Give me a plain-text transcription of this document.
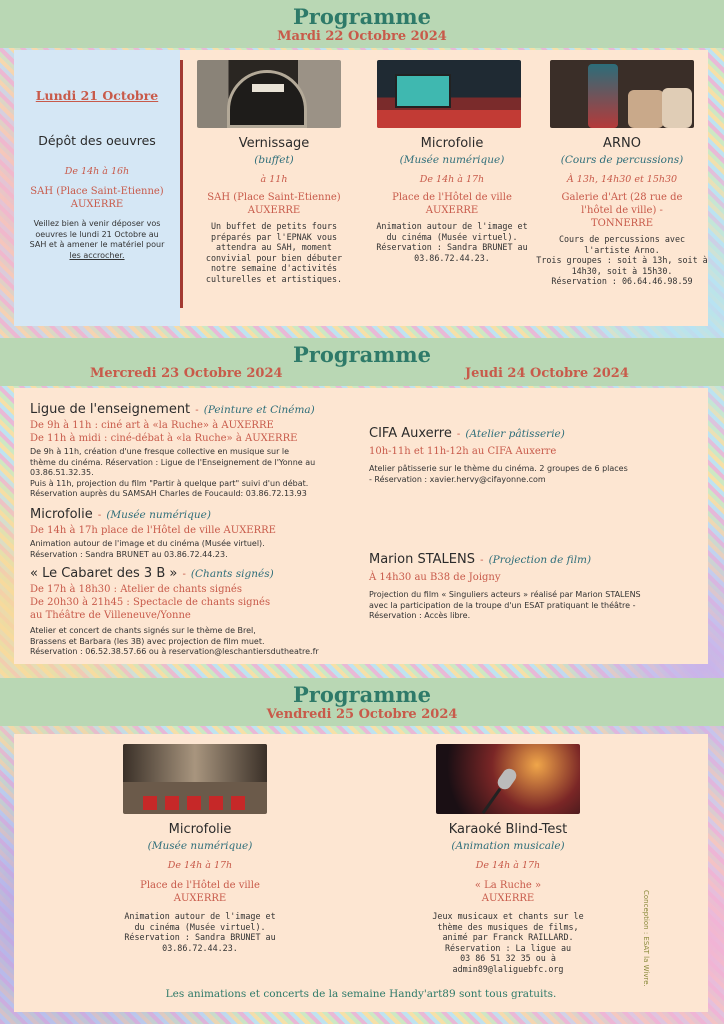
Programme
Mardi 22 Octobre 2024
Lundi 21 Octobre
Dépôt des oeuvres
De 14h à 16h
SAH (Place Saint-Etienne)
AUXERRE
Veillez bien à venir déposer vos
oeuvres le lundi 21 Octobre au
SAH et à amener le matériel pour
les accrocher.
Vernissage
(buffet)
à 11h
SAH (Place Saint-Etienne)
AUXERRE
Un buffet de petits fours
préparés par l'EPNAK vous
attendra au SAH, moment
convivial pour bien débuter
notre semaine d'activités
culturelles et artistiques.
Microfolie
(Musée numérique)
De 14h à 17h
Place de l'Hôtel de ville
AUXERRE
Animation autour de l'image et
du cinéma (Musée virtuel).
Réservation : Sandra BRUNET au
03.86.72.44.23.
ARNO
(Cours de percussions)
À 13h, 14h30 et 15h30
Galerie d'Art (28 rue de
l'hôtel de ville) -
TONNERRE
Cours de percussions avec
l'artiste Arno.
Trois groupes : soit à 13h, soit à
14h30, soit à 15h30.
Réservation : 06.64.46.98.59
Programme
Mercredi 23 Octobre 2024	Jeudi 24 Octobre 2024
Ligue de l'enseignement - (Peinture et Cinéma)
De 9h à 11h : ciné art à «la Ruche» à AUXERRE
De 11h à midi : ciné-débat à «la Ruche» à AUXERRE
De 9h à 11h, création d'une fresque collective en musique sur le
thème du cinéma. Réservation : Ligue de l'Enseignement de l'Yonne au
03.86.51.32.35.
Puis à 11h, projection du film "Partir à quelque part" suivi d'un débat.
Réservation auprès du SAMSAH Charles de Foucauld: 03.86.72.13.93
Microfolie - (Musée numérique)
De 14h à 17h place de l'Hôtel de ville AUXERRE
Animation autour de l'image et du cinéma (Musée virtuel).
Réservation : Sandra BRUNET au 03.86.72.44.23.
« Le Cabaret des 3 B » - (Chants signés)
De 17h à 18h30 : Atelier de chants signés
De 20h30 à 21h45 : Spectacle de chants signés
au Théâtre de Villeneuve/Yonne
Atelier et concert de chants signés sur le thème de Brel,
Brassens et Barbara (les 3B) avec projection de film muet.
Réservation : 06.52.38.57.66 ou à reservation@leschantiersdutheatre.fr
CIFA Auxerre - (Atelier pâtisserie)
10h-11h et 11h-12h au CIFA Auxerre
Atelier pâtisserie sur le thème du cinéma. 2 groupes de 6 places
- Réservation : xavier.hervy@cifayonne.com
Marion STALENS - (Projection de film)
À 14h30 au B38 de Joigny
Projection du film « Singuliers acteurs » réalisé par Marion STALENS
avec la participation de la troupe d'un ESAT pratiquant le théâtre -
Réservation : Accès libre.
Programme
Vendredi 25 Octobre 2024
Microfolie
(Musée numérique)
De 14h à 17h
Place de l'Hôtel de ville
AUXERRE
Animation autour de l'image et
du cinéma (Musée virtuel).
Réservation : Sandra BRUNET au
03.86.72.44.23.
Karaoké Blind-Test
(Animation musicale)
De 14h à 17h
« La Ruche »
AUXERRE
Jeux musicaux et chants sur le
thème des musiques de films,
animé par Franck RAILLARD.
Réservation : La ligue au
03 86 51 32 35 ou à
admin89@laliguebfc.org
Les animations et concerts de la semaine Handy'art89 sont tous gratuits.
Conception : ESAT la Wivre.
